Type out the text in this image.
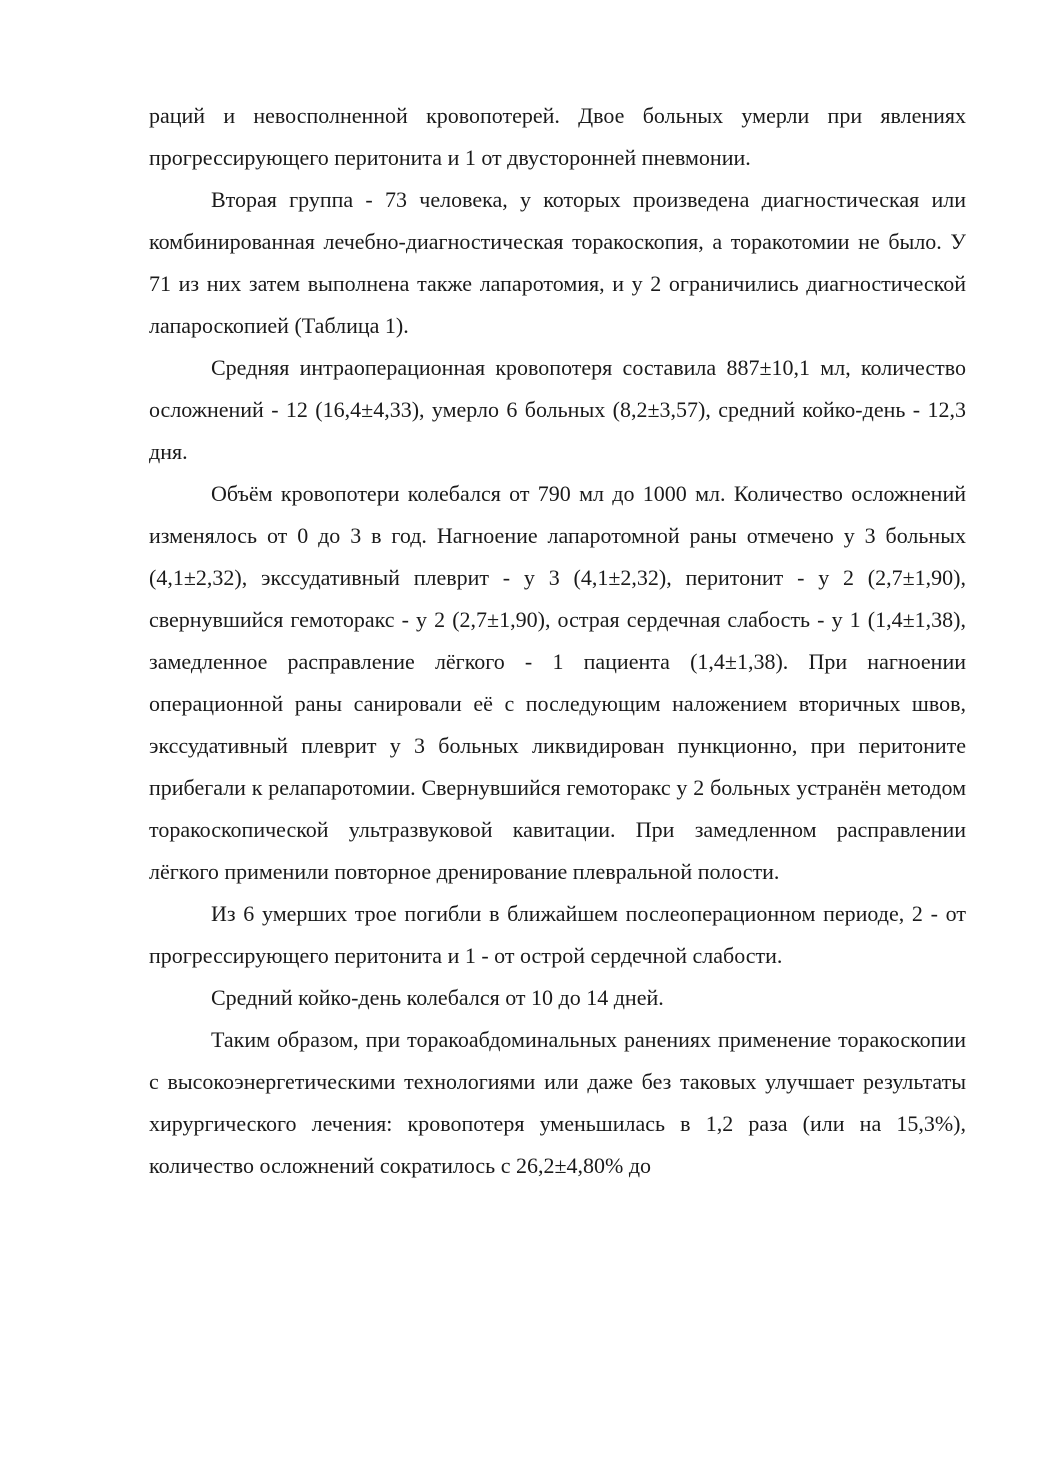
раций и невосполненной кровопотерей. Двое больных умерли при явлениях прогрессирующего перитонита и 1 от двусторонней пневмонии.

Вторая группа - 73 человека, у которых произведена диагностическая или комбинированная лечебно-диагностическая торакоскопия, а торакотомии не было. У 71 из них затем выполнена также лапаротомия, и у 2 ограничились диагностической лапароскопией (Таблица 1).

Средняя интраоперационная кровопотеря составила 887±10,1 мл, количество осложнений - 12 (16,4±4,33), умерло 6 больных (8,2±3,57), средний койко-день - 12,3 дня.

Объём кровопотери колебался от 790 мл до 1000 мл. Количество осложнений изменялось от 0 до 3 в год. Нагноение лапаротомной раны отмечено у 3 больных (4,1±2,32), экссудативный плеврит - у 3 (4,1±2,32), перитонит - у 2 (2,7±1,90), свернувшийся гемоторакс - у 2 (2,7±1,90), острая сердечная слабость - у 1 (1,4±1,38), замедленное расправление лёгкого - 1 пациента (1,4±1,38). При нагноении операционной раны санировали её с последующим наложением вторичных швов, экссудативный плеврит у 3 больных ликвидирован пункционно, при перитоните прибегали к релапаротомии. Свернувшийся гемоторакс у 2 больных устранён методом торакоскопической ультразвуковой кавитации. При замедленном расправлении лёгкого применили повторное дренирование плевральной полости.

Из 6 умерших трое погибли в ближайшем послеоперационном периоде, 2 - от прогрессирующего перитонита и 1 - от острой сердечной слабости.

Средний койко-день колебался от 10 до 14 дней.

Таким образом, при торакоабдоминальных ранениях применение торакоскопии с высокоэнергетическими технологиями или даже без таковых улучшает результаты хирургического лечения: кровопотеря уменьшилась в 1,2 раза (или на 15,3%), количество осложнений сократилось с 26,2±4,80% до
